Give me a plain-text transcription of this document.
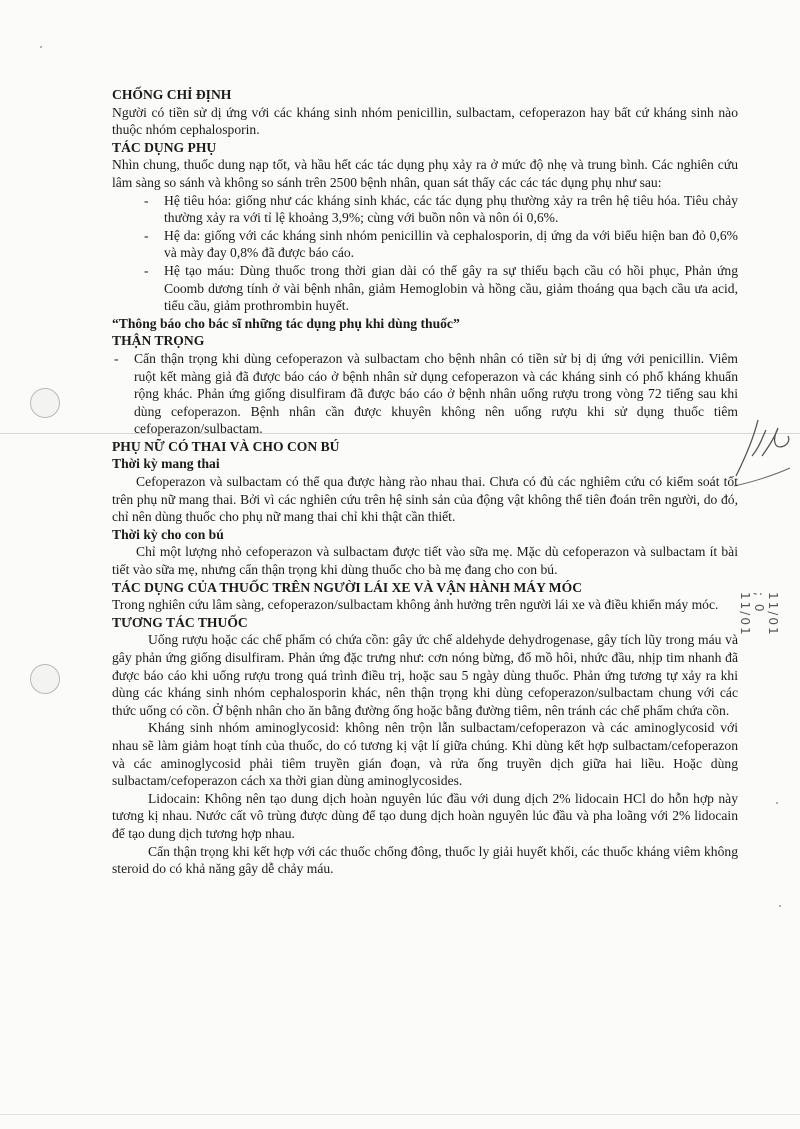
11/01 ; 0 11/01

CHỐNG CHỈ ĐỊNH

Người có tiền sử dị ứng với các kháng sinh nhóm penicillin, sulbactam, cefoperazon hay bất cứ kháng sinh nào thuộc nhóm cephalosporin.

TÁC DỤNG PHỤ

Nhìn chung, thuốc dung nạp tốt, và hầu hết các tác dụng phụ xảy ra ở mức độ nhẹ và trung bình. Các nghiên cứu lâm sàng so sánh và không so sánh trên 2500 bệnh nhân, quan sát thấy các các tác dụng phụ như sau:

- Hệ tiêu hóa: giống như các kháng sinh khác, các tác dụng phụ thường xảy ra trên hệ tiêu hóa. Tiêu chảy thường xảy ra với tỉ lệ khoảng 3,9%; cùng với buồn nôn và nôn ói 0,6%.

- Hệ da: giống với các kháng sinh nhóm penicillin và cephalosporin, dị ứng da với biểu hiện ban đỏ 0,6% và mày đay 0,8% đã được báo cáo.

- Hệ tạo máu: Dùng thuốc trong thời gian dài có thể gây ra sự thiếu bạch cầu có hồi phục, Phản ứng Coomb dương tính ở vài bệnh nhân, giảm Hemoglobin và hồng cầu, giảm thoáng qua bạch cầu ưa acid, tiểu cầu, giảm prothrombin huyết.

“Thông báo cho bác sĩ những tác dụng phụ khi dùng thuốc”

THẬN TRỌNG

- Cẩn thận trọng khi dùng cefoperazon và sulbactam cho bệnh nhân có tiền sử bị dị ứng với penicillin. Viêm ruột kết màng giả đã được báo cáo ở bệnh nhân sử dụng cefoperazon và các kháng sinh có phổ kháng khuẩn rộng khác. Phản ứng giống disulfiram đã được báo cáo ở bệnh nhân uống rượu trong vòng 72 tiếng sau khi dùng cefoperazon. Bệnh nhân cần được khuyên không nên uống rượu khi sử dụng thuốc tiêm cefoperazon/sulbactam.

PHỤ NỮ CÓ THAI VÀ CHO CON BÚ

Thời kỳ mang thai

Cefoperazon và sulbactam có thể qua được hàng rào nhau thai. Chưa có đủ các nghiêm cứu có kiểm soát tốt trên phụ nữ mang thai. Bởi vì các nghiên cứu trên hệ sinh sản của động vật không thể tiên đoán trên người, do đó, chỉ nên dùng thuốc cho phụ nữ mang thai chỉ khi thật cần thiết.

Thời kỳ cho con bú

Chỉ một lượng nhỏ cefoperazon và sulbactam được tiết vào sữa mẹ. Mặc dù cefoperazon và sulbactam ít bài tiết vào sữa mẹ, nhưng cẩn thận trọng khi dùng thuốc cho bà mẹ đang cho con bú.

TÁC DỤNG CỦA THUỐC TRÊN NGƯỜI LÁI XE VÀ VẬN HÀNH MÁY MÓC

Trong nghiên cứu lâm sàng, cefoperazon/sulbactam không ảnh hưởng trên người lái xe và điều khiển máy móc.

TƯƠNG TÁC THUỐC

Uống rượu hoặc các chế phẩm có chứa cồn: gây ức chế aldehyde dehydrogenase, gây tích lũy trong máu và gây phản ứng giống disulfiram. Phản ứng đặc trưng như: cơn nóng bừng, đổ mồ hôi, nhức đầu, nhịp tim nhanh đã được báo cáo khi uống rượu trong quá trình điều trị, hoặc sau 5 ngày dùng thuốc. Phản ứng tương tự xảy ra khi dùng các kháng sinh nhóm cephalosporin khác, nên thận trọng khi dùng cefoperazon/sulbactam chung với các thức uống có cồn. Ở bệnh nhân cho ăn bằng đường ống hoặc bằng đường tiêm, nên tránh các chế phẩm chứa cồn.

Kháng sinh nhóm aminoglycosid: không nên trộn lẫn sulbactam/cefoperazon và các aminoglycosid với nhau sẽ làm giảm hoạt tính của thuốc, do có tương kị vật lí giữa chúng. Khi dùng kết hợp sulbactam/cefoperazon và các aminoglycosid phải tiêm truyền gián đoạn, và rửa ống truyền dịch giữa hai liều. Hoặc dùng sulbactam/cefoperazon cách xa thời gian dùng aminoglycosides.

Lidocain: Không nên tạo dung dịch hoàn nguyên lúc đầu với dung dịch 2% lidocain HCl do hỗn hợp này tương kị nhau. Nước cất vô trùng được dùng để tạo dung dịch hoàn nguyên lúc đầu và pha loãng với 2% lidocain để tạo dung dịch tương hợp nhau.

Cẩn thận trọng khi kết hợp với các thuốc chống đông, thuốc ly giải huyết khối, các thuốc kháng viêm không steroid do có khả năng gây dễ chảy máu.
